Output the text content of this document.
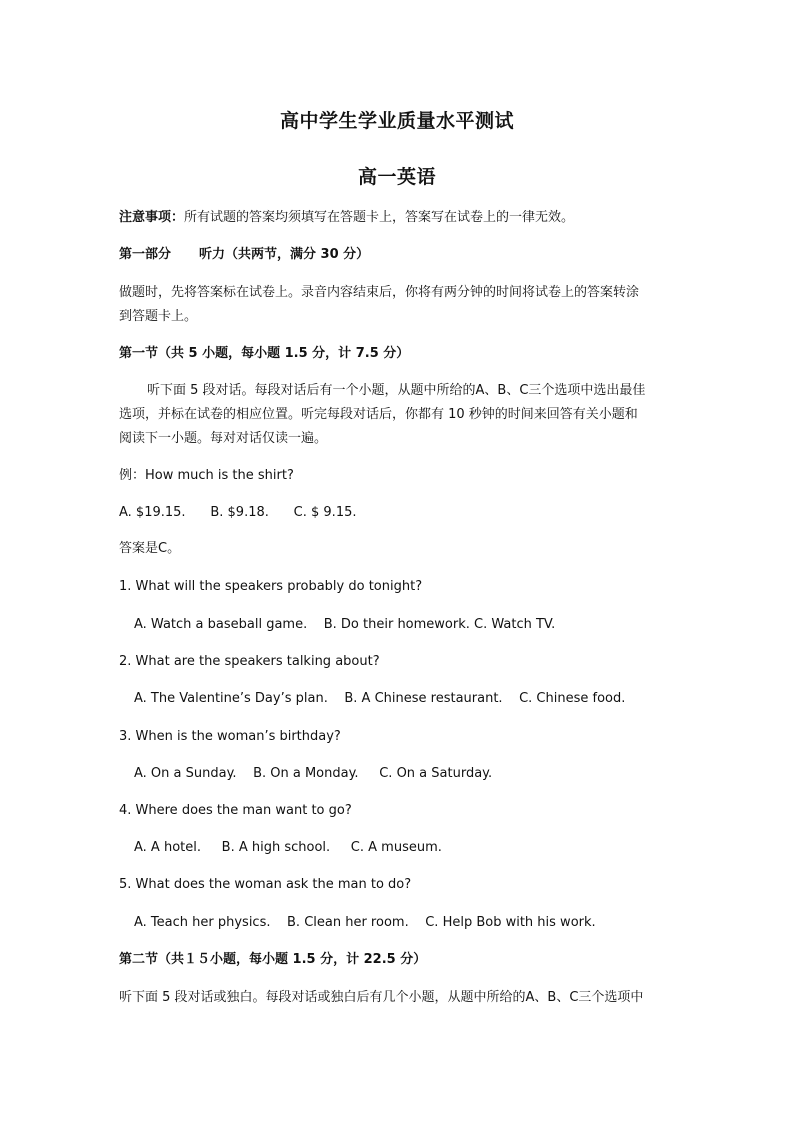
高中学生学业质量水平测试
高一英语
注意事项：所有试题的答案均须填写在答题卡上，答案写在试卷上的一律无效。
第一部分 听力（共两节，满分 30 分）
做题时，先将答案标在试卷上。录音内容结束后，你将有两分钟的时间将试卷上的答案转涂
到答题卡上。
第一节（共 5 小题，每小题 1.5 分，计 7.5 分）
听下面 5 段对话。每段对话后有一个小题，从题中所给的A、B、C三个选项中选出最佳
选项，并标在试卷的相应位置。听完每段对话后，你都有 10 秒钟的时间来回答有关小题和
阅读下一小题。每对对话仅读一遍。
例：How much is the shirt?
A. $19.15.      B. $9.18.      C. $ 9.15.
答案是C。
1. What will the speakers probably do tonight?
A. Watch a baseball game.    B. Do their homework. C. Watch TV.
2. What are the speakers talking about?
A. The Valentine’s Day’s plan.    B. A Chinese restaurant.    C. Chinese food.
3. When is the woman’s birthday?
A. On a Sunday.    B. On a Monday.     C. On a Saturday.
4. Where does the man want to go?
A. A hotel.     B. A high school.     C. A museum.
5. What does the woman ask the man to do?
A. Teach her physics.    B. Clean her room.    C. Help Bob with his work.
第二节（共１５小题，每小题 1.5 分，计 22.5 分）
听下面 5 段对话或独白。每段对话或独白后有几个小题，从题中所给的A、B、C三个选项中
